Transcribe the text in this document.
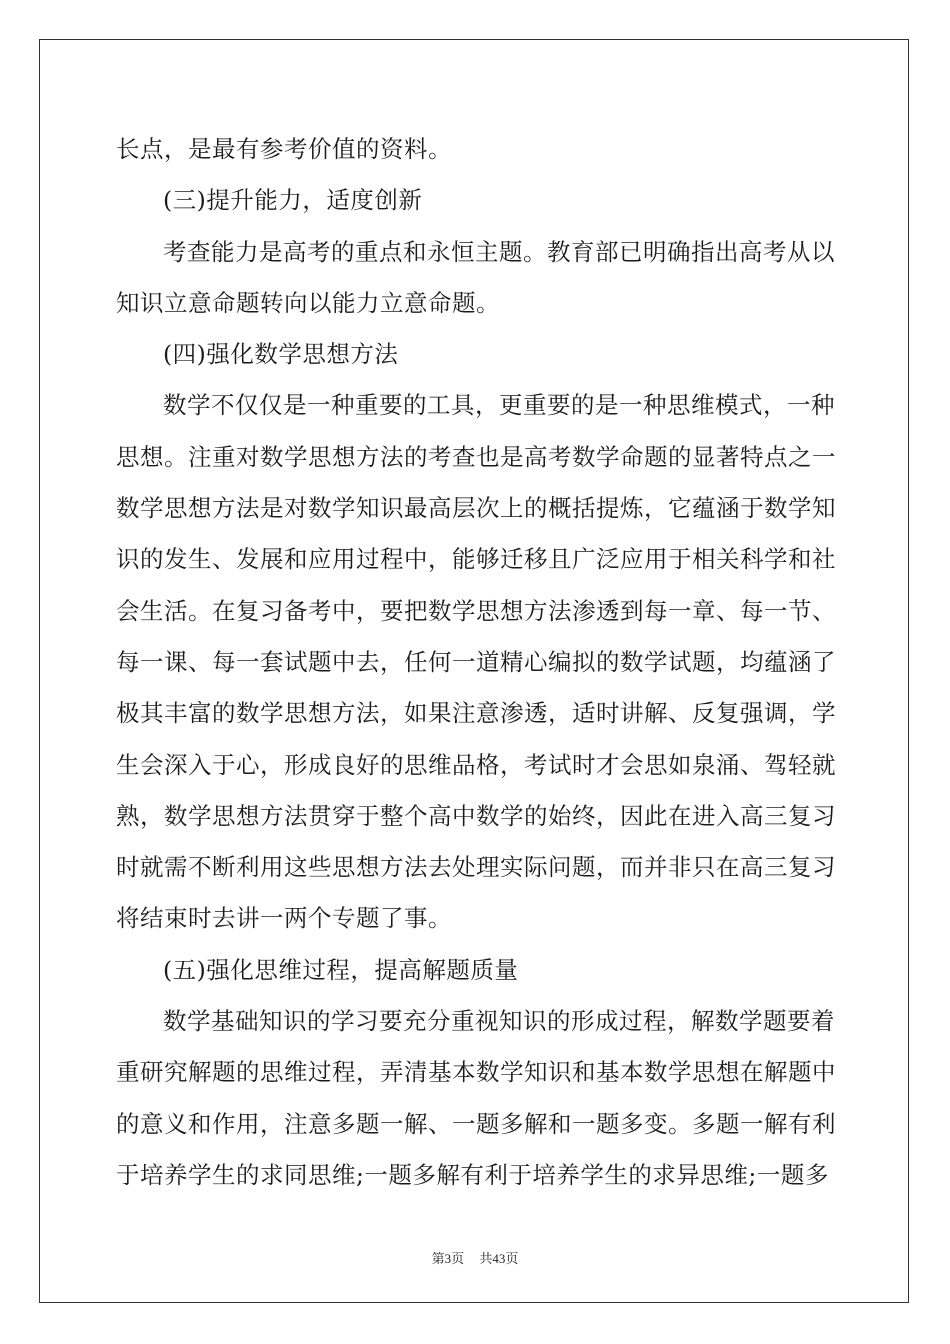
长点，是最有参考价值的资料。
(三)提升能力，适度创新
考查能力是高考的重点和永恒主题。教育部已明确指出高考从以
知识立意命题转向以能力立意命题。
(四)强化数学思想方法
数学不仅仅是一种重要的工具，更重要的是一种思维模式，一种
思想。注重对数学思想方法的考查也是高考数学命题的显著特点之一
数学思想方法是对数学知识最高层次上的概括提炼，它蕴涵于数学知
识的发生、发展和应用过程中，能够迁移且广泛应用于相关科学和社
会生活。在复习备考中，要把数学思想方法渗透到每一章、每一节、
每一课、每一套试题中去，任何一道精心编拟的数学试题，均蕴涵了
极其丰富的数学思想方法，如果注意渗透，适时讲解、反复强调，学
生会深入于心，形成良好的思维品格，考试时才会思如泉涌、驾轻就
熟，数学思想方法贯穿于整个高中数学的始终，因此在进入高三复习
时就需不断利用这些思想方法去处理实际问题，而并非只在高三复习
将结束时去讲一两个专题了事。
(五)强化思维过程，提高解题质量
数学基础知识的学习要充分重视知识的形成过程，解数学题要着
重研究解题的思维过程，弄清基本数学知识和基本数学思想在解题中
的意义和作用，注意多题一解、一题多解和一题多变。多题一解有利
于培养学生的求同思维;一题多解有利于培养学生的求异思维;一题多
第3页 共43页
